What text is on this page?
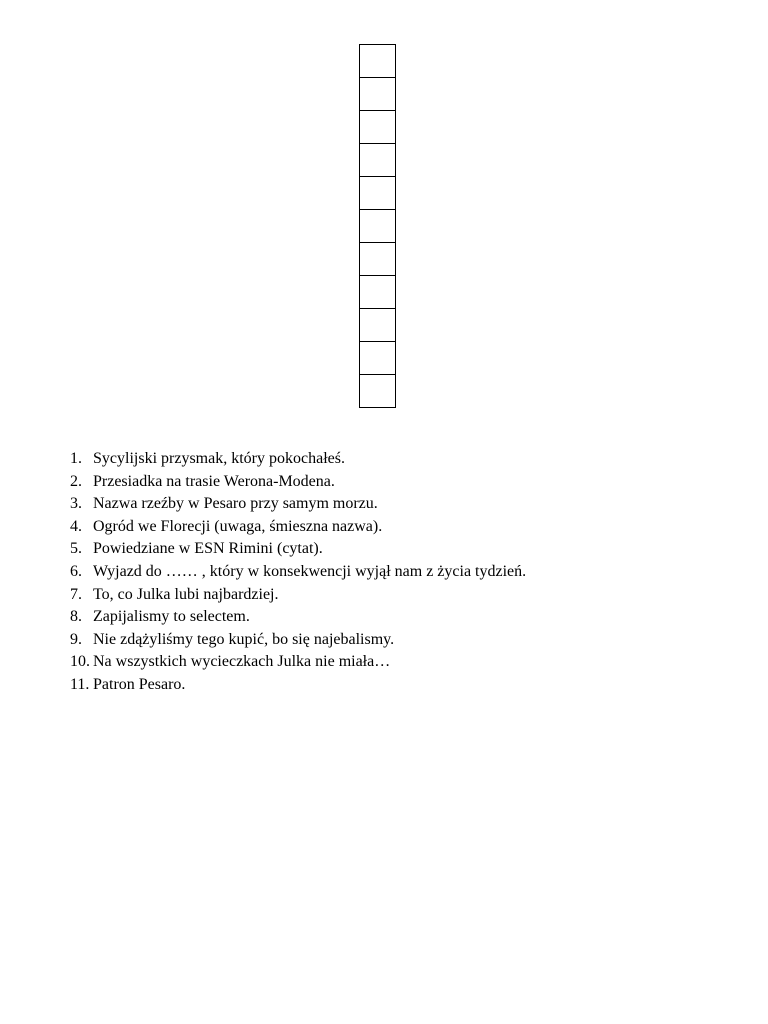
1. Sycylijski przysmak, który pokochałeś.
2. Przesiadka na trasie Werona-Modena.
3. Nazwa rzeźby w Pesaro przy samym morzu.
4. Ogród we Florecji (uwaga, śmieszna nazwa).
5. Powiedziane w ESN Rimini (cytat).
6. Wyjazd do …… , który w konsekwencji wyjął nam z życia tydzień.
7. To, co Julka lubi najbardziej.
8. Zapijalismy to selectem.
9. Nie zdążyliśmy tego kupić, bo się najebalismy.
10. Na wszystkich wycieczkach Julka nie miała…
11. Patron Pesaro.
